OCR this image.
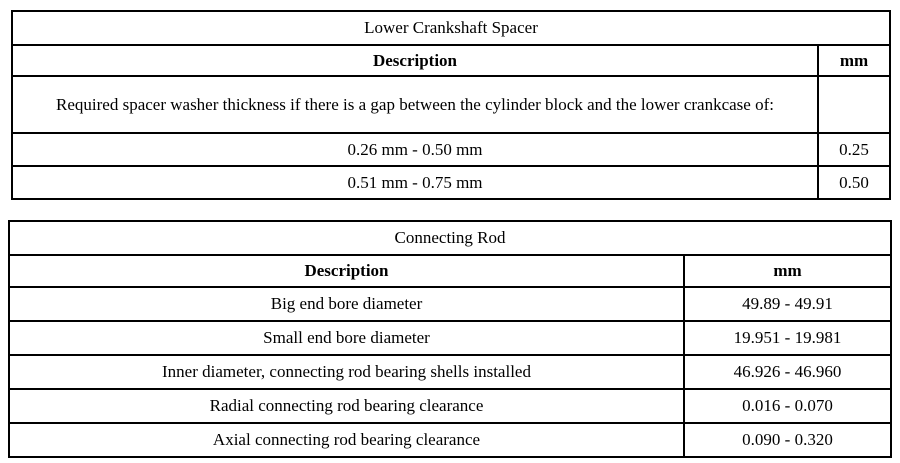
Lower Crankshaft Spacer	
Description	mm
Required spacer washer thickness if there is a gap between the cylinder block and the lower crankcase of:	
0.26 mm - 0.50 mm	0.25
0.51 mm - 0.75 mm	0.50
Connecting Rod	
Description	mm
Big end bore diameter	49.89 - 49.91
Small end bore diameter	19.951 - 19.981
Inner diameter, connecting rod bearing shells installed	46.926 - 46.960
Radial connecting rod bearing clearance	0.016 - 0.070
Axial connecting rod bearing clearance	0.090 - 0.320
